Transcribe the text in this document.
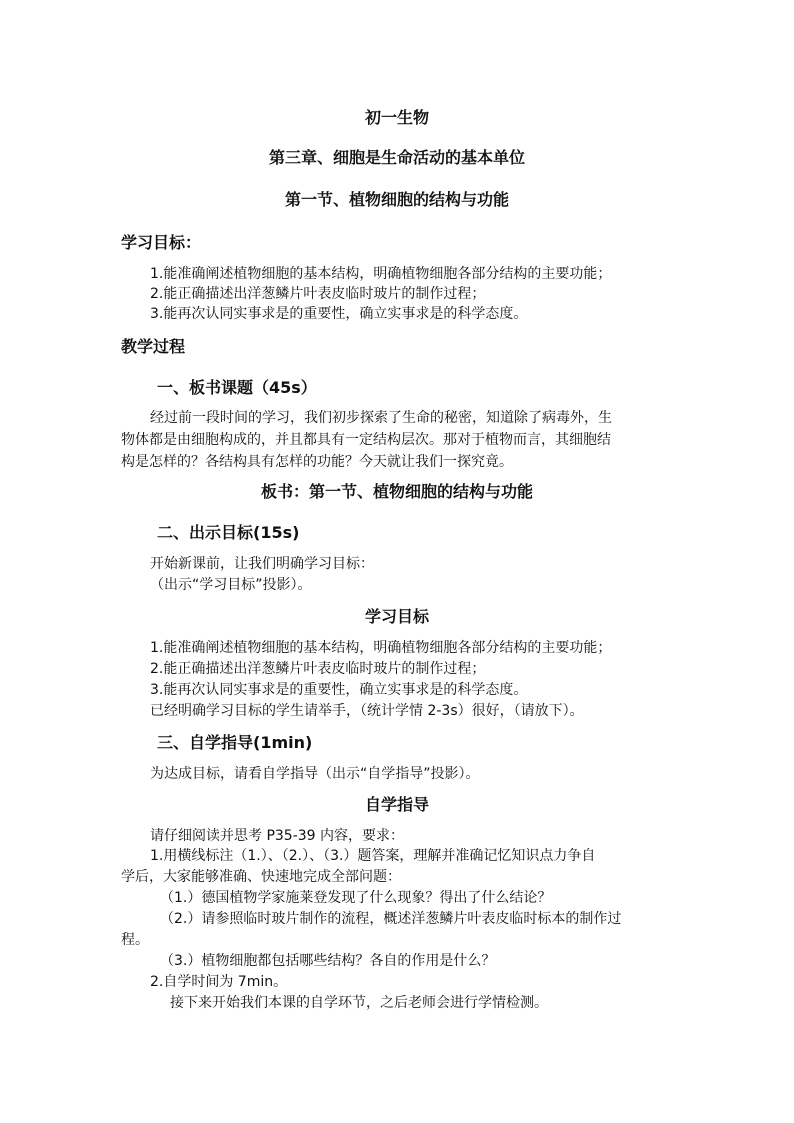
初一生物
第三章、细胞是生命活动的基本单位
第一节、植物细胞的结构与功能
学习目标：
1.能准确阐述植物细胞的基本结构，明确植物细胞各部分结构的主要功能；
2.能正确描述出洋葱鳞片叶表皮临时玻片的制作过程；
3.能再次认同实事求是的重要性，确立实事求是的科学态度。
教学过程
一、板书课题（45s）
经过前一段时间的学习，我们初步探索了生命的秘密，知道除了病毒外，生
物体都是由细胞构成的，并且都具有一定结构层次。那对于植物而言，其细胞结
构是怎样的？各结构具有怎样的功能？今天就让我们一探究竟。
板书：第一节、植物细胞的结构与功能
二、出示目标(15s)
开始新课前，让我们明确学习目标：
（出示“学习目标”投影）。
学习目标
1.能准确阐述植物细胞的基本结构，明确植物细胞各部分结构的主要功能；
2.能正确描述出洋葱鳞片叶表皮临时玻片的制作过程；
3.能再次认同实事求是的重要性，确立实事求是的科学态度。
已经明确学习目标的学生请举手，（统计学情 2-3s）很好，（请放下）。
三、自学指导(1min)
为达成目标，请看自学指导（出示“自学指导”投影）。
自学指导
请仔细阅读并思考 P35-39 内容，要求：
1.用横线标注（1.）、（2.）、（3.）题答案，理解并准确记忆知识点力争自
学后，大家能够准确、快速地完成全部问题：
（1.）德国植物学家施莱登发现了什么现象？得出了什么结论？
（2.）请参照临时玻片制作的流程，概述洋葱鳞片叶表皮临时标本的制作过
程。
（3.）植物细胞都包括哪些结构？各自的作用是什么？
2.自学时间为 7min。
接下来开始我们本课的自学环节，之后老师会进行学情检测。
